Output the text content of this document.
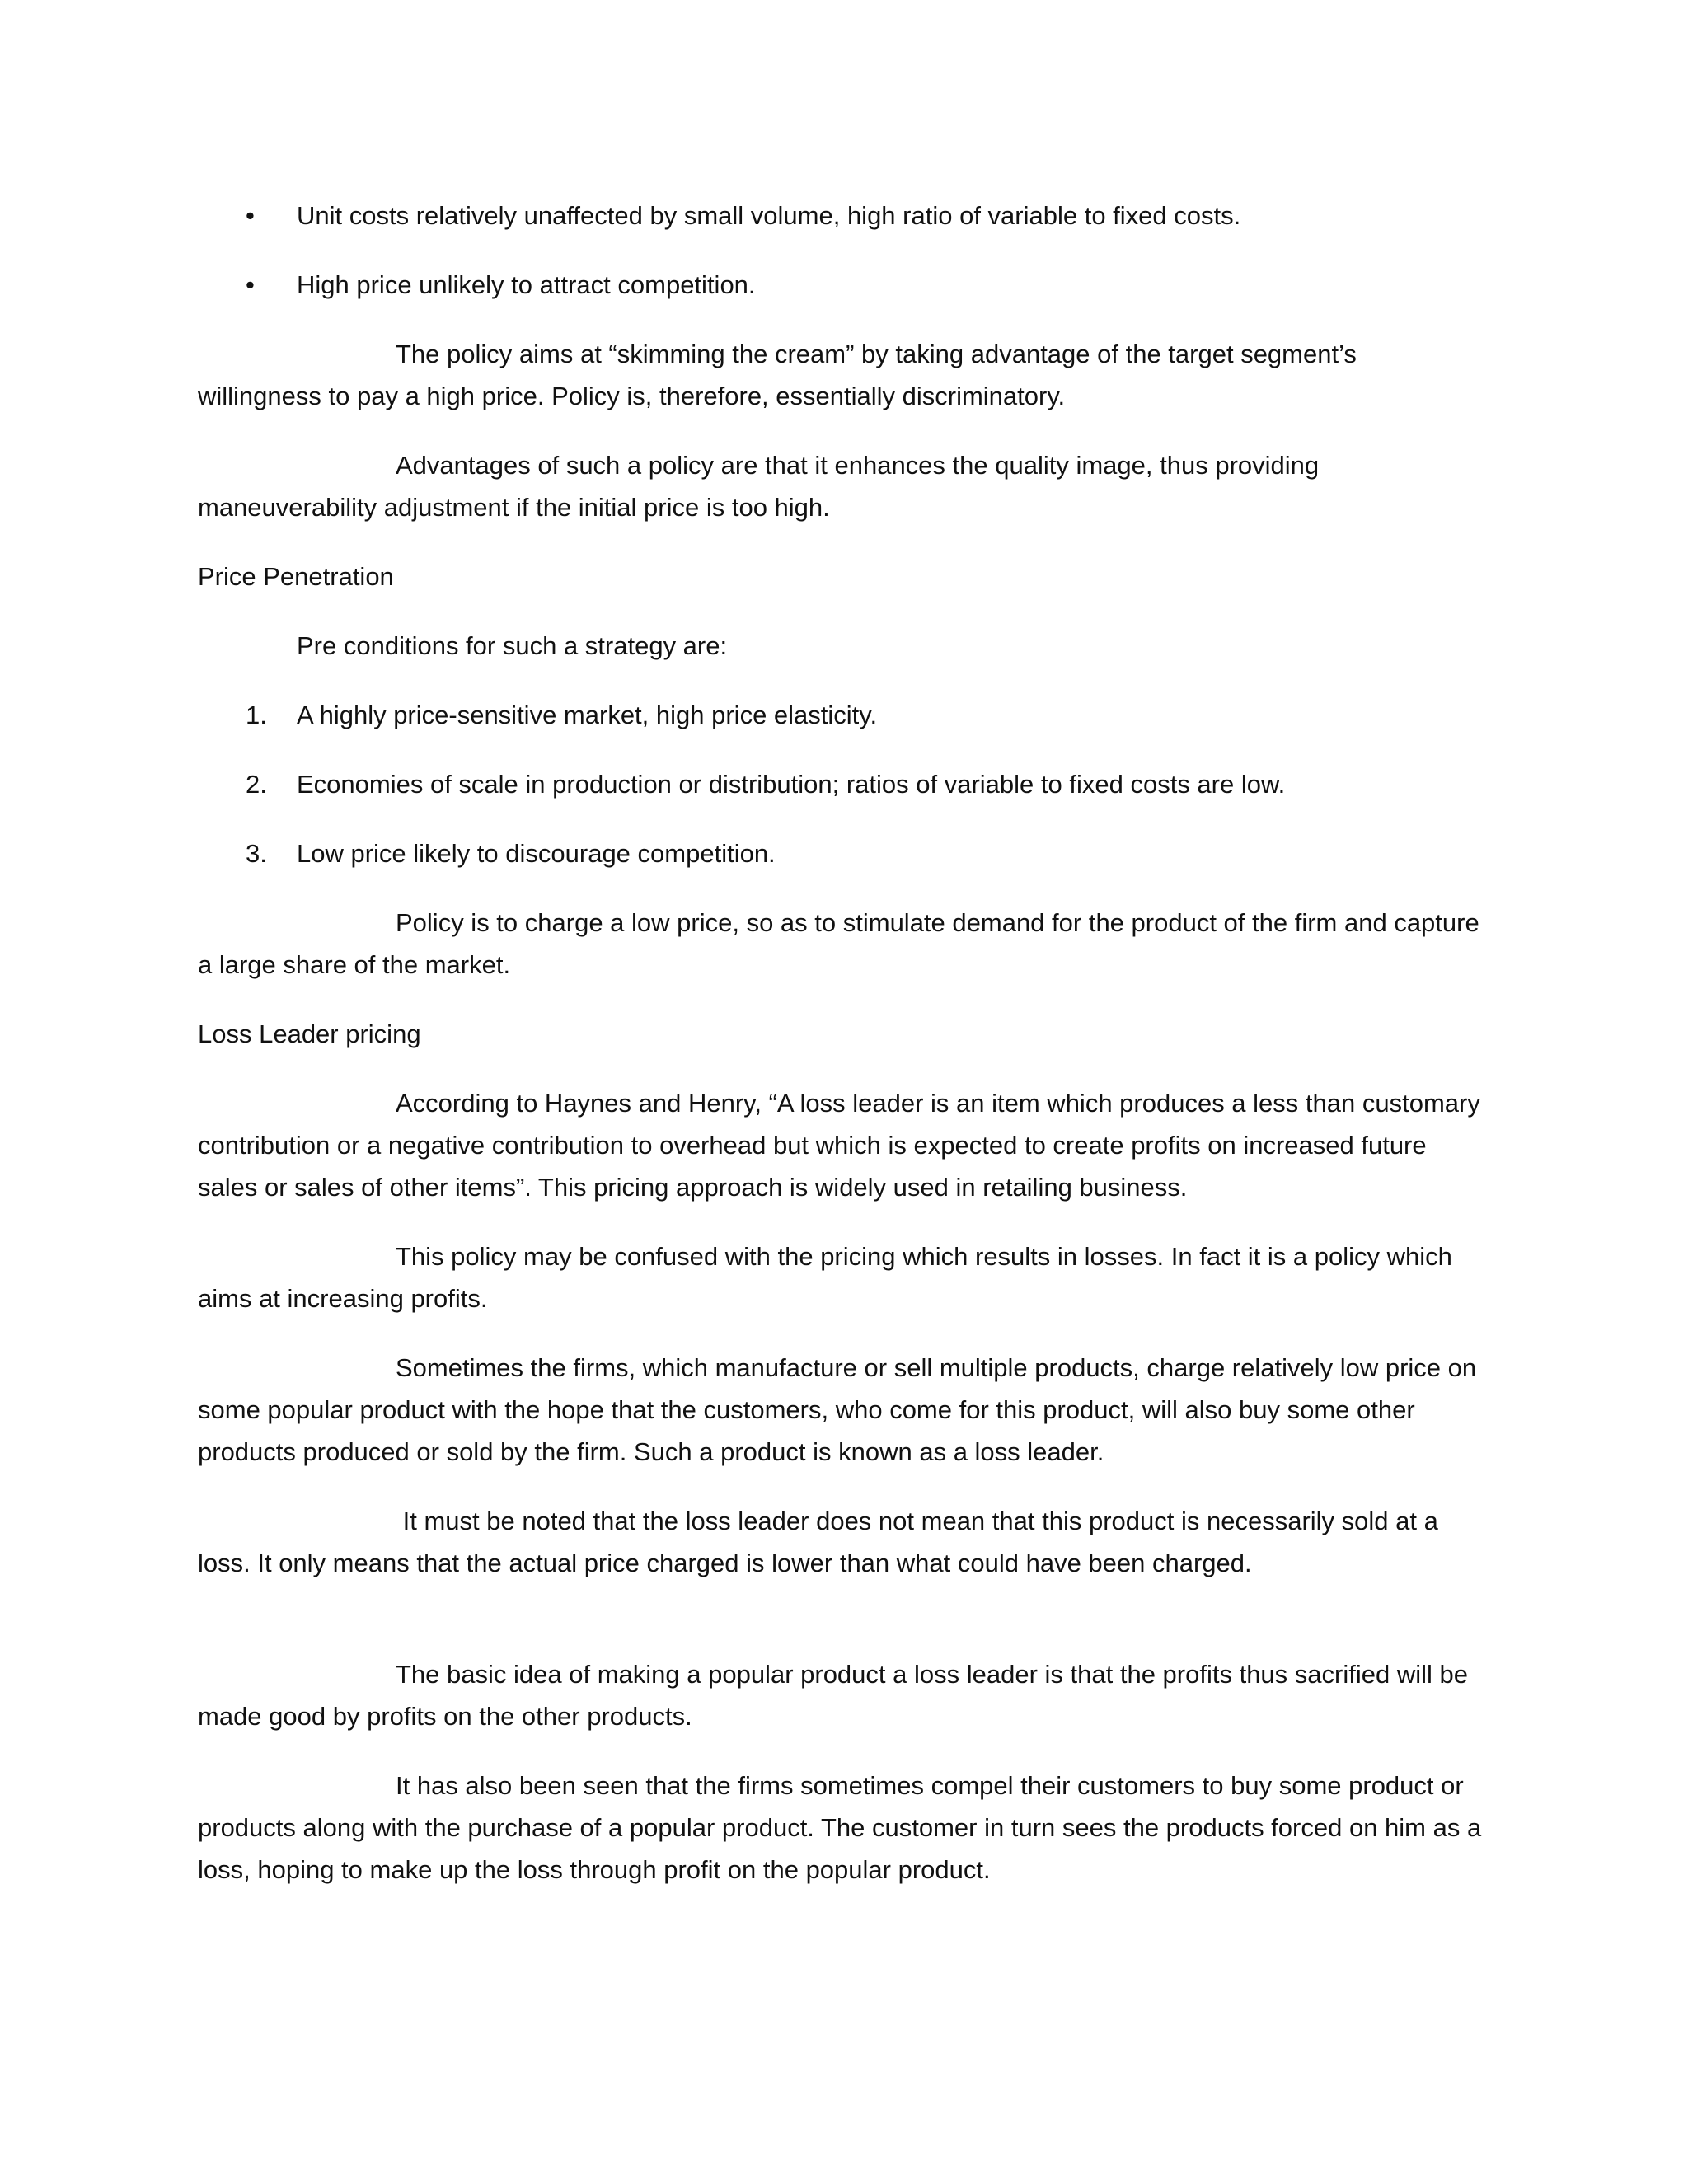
• Unit costs relatively unaffected by small volume, high ratio of variable to fixed costs.
• High price unlikely to attract competition.

The policy aims at “skimming the cream” by taking advantage of the target segment’s willingness to pay a high price. Policy is, therefore, essentially discriminatory.

Advantages of such a policy are that it enhances the quality image, thus providing maneuverability adjustment if the initial price is too high.

Price Penetration

Pre conditions for such a strategy are:

1. A highly price-sensitive market, high price elasticity.
2. Economies of scale in production or distribution; ratios of variable to fixed costs are low.
3. Low price likely to discourage competition.

Policy is to charge a low price, so as to stimulate demand for the product of the firm and capture a large share of the market.

Loss Leader pricing

According to Haynes and Henry, “A loss leader is an item which produces a less than customary contribution or a negative contribution to overhead but which is expected to create profits on increased future sales or sales of other items”. This pricing approach is widely used in retailing business.

This policy may be confused with the pricing which results in losses. In fact it is a policy which aims at increasing profits.

Sometimes the firms, which manufacture or sell multiple products, charge relatively low price on some popular product with the hope that the customers, who come for this product, will also buy some other products produced or sold by the firm. Such a product is known as a loss leader.

It must be noted that the loss leader does not mean that this product is necessarily sold at a loss. It only means that the actual price charged is lower than what could have been charged.

The basic idea of making a popular product a loss leader is that the profits thus sacrified will be made good by profits on the other products.

It has also been seen that the firms sometimes compel their customers to buy some product or products along with the purchase of a popular product. The customer in turn sees the products forced on him as a loss, hoping to make up the loss through profit on the popular product.
